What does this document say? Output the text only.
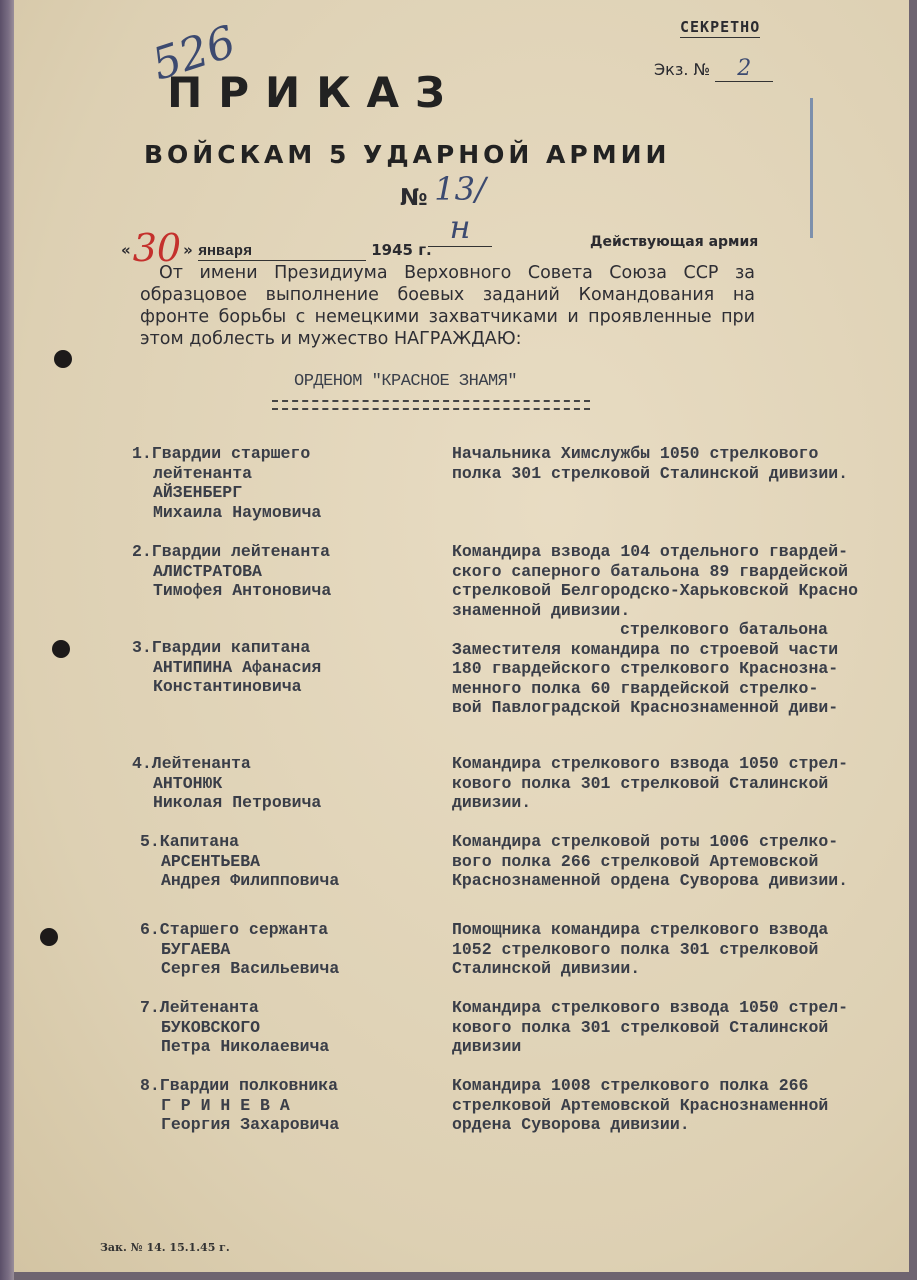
СЕКРЕТНО
Экз. № 2
526
ПРИКАЗ
ВОЙСКАМ 5 УДАРНОЙ АРМИИ
№ 13/н
«30 » января	1945 г.	Действующая армия
От имени Президиума Верховного Совета Союза ССР за образцовое выполнение боевых заданий Командования на фронте борьбы с немецкими захватчиками и проявленные при этом доблесть и мужество НАГРАЖДАЮ:
ОРДЕНОМ "КРАСНОЕ ЗНАМЯ"
1.Гвардии старшего
лейтенанта
АЙЗЕНБЕРГ
Михаила Наумовича
Начальника Химслужбы 1050 стрелкового
полка 301 стрелковой Сталинской дивизии.
2.Гвардии лейтенанта
АЛИСТРАТОВА
Тимофея Антоновича
Командира взвода 104 отдельного гвардей-
ского саперного батальона 89 гвардейской
стрелковой Белгородско-Харьковской Красно
знаменной дивизии.
3.Гвардии капитана
АНТИПИНА Афанасия
Константиновича
стрелкового батальона
Заместителя командира по строевой части
180 гвардейского стрелкового Краснозна-
менного полка 60 гвардейской стрелко-
вой Павлоградской Краснознаменной диви-
4.Лейтенанта
АНТОНЮК
Николая Петровича
Командира стрелкового взвода 1050 стрел-
кового полка 301 стрелковой Сталинской
дивизии.
5.Капитана
АРСЕНТЬЕВА
Андрея Филипповича
Командира стрелковой роты 1006 стрелко-
вого полка 266 стрелковой Артемовской
Краснознаменной ордена Суворова дивизии.
6.Старшего сержанта
БУГАЕВА
Сергея Васильевича
Помощника командира стрелкового взвода
1052 стрелкового полка 301 стрелковой
Сталинской дивизии.
7.Лейтенанта
БУКОВСКОГО
Петра Николаевича
Командира стрелкового взвода 1050 стрел-
кового полка 301 стрелковой Сталинской
дивизии
8.Гвардии полковника
Г Р И Н Е В А
Георгия Захаровича
Командира 1008 стрелкового полка 266
стрелковой Артемовской Краснознаменной
ордена Суворова дивизии.
Зак. № 14. 15.1.45 г.
